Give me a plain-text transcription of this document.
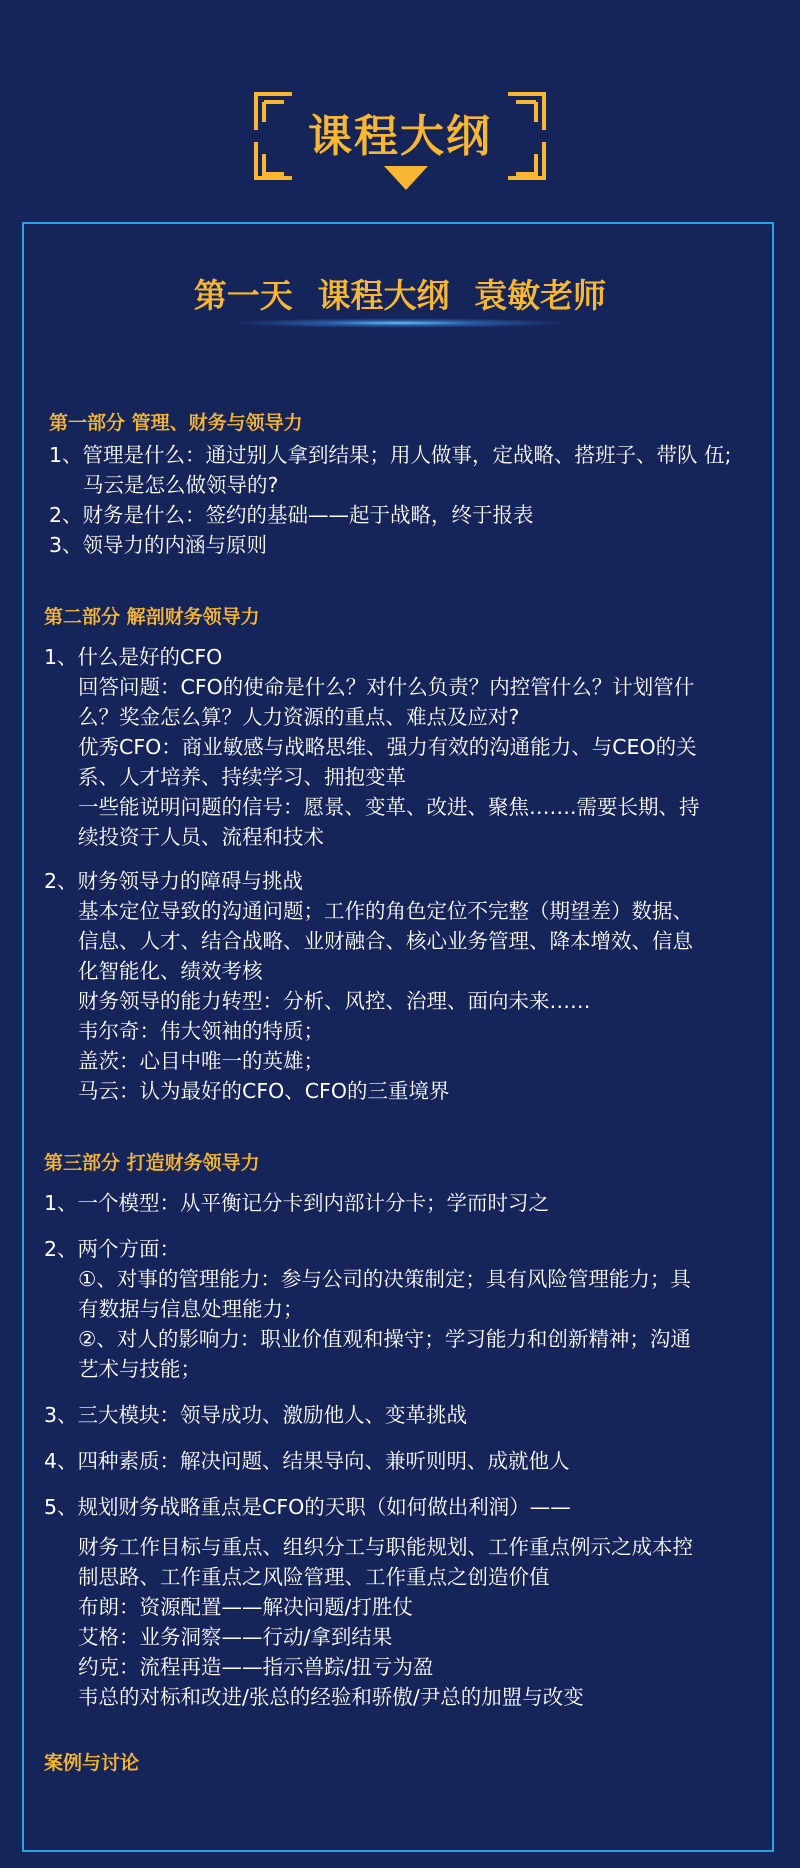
课程大纲
第一天 课程大纲 袁敏老师
第一部分 管理、财务与领导力
1、管理是什么：通过别人拿到结果；用人做事，定战略、搭班子、带队 伍;
马云是怎么做领导的?
2、财务是什么：签约的基础——起于战略，终于报表
3、领导力的内涵与原则
第二部分 解剖财务领导力
1、什么是好的CFO
回答问题：CFO的使命是什么？对什么负责？内控管什么？计划管什
么？奖金怎么算？人力资源的重点、难点及应对?
优秀CFO：商业敏感与战略思维、强力有效的沟通能力、与CEO的关
系、人才培养、持续学习、拥抱变革
一些能说明问题的信号：愿景、变革、改进、聚焦…….需要长期、持
续投资于人员、流程和技术
2、财务领导力的障碍与挑战
基本定位导致的沟通问题；工作的角色定位不完整（期望差）数据、
信息、人才、结合战略、业财融合、核心业务管理、降本增效、信息
化智能化、绩效考核
财务领导的能力转型：分析、风控、治理、面向未来……
韦尔奇：伟大领袖的特质；
盖茨：心目中唯一的英雄；
马云：认为最好的CFO、CFO的三重境界
第三部分 打造财务领导力
1、一个模型：从平衡记分卡到内部计分卡；学而时习之
2、两个方面：
①、对事的管理能力：参与公司的决策制定；具有风险管理能力；具
有数据与信息处理能力；
②、对人的影响力：职业价值观和操守；学习能力和创新精神；沟通
艺术与技能；
3、三大模块：领导成功、激励他人、变革挑战
4、四种素质：解决问题、结果导向、兼听则明、成就他人
5、规划财务战略重点是CFO的天职（如何做出利润）——
财务工作目标与重点、组织分工与职能规划、工作重点例示之成本控
制思路、工作重点之风险管理、工作重点之创造价值
布朗：资源配置——解决问题/打胜仗
艾格：业务洞察——行动/拿到结果
约克：流程再造——指示兽踪/扭亏为盈
韦总的对标和改进/张总的经验和骄傲/尹总的加盟与改变
案例与讨论
